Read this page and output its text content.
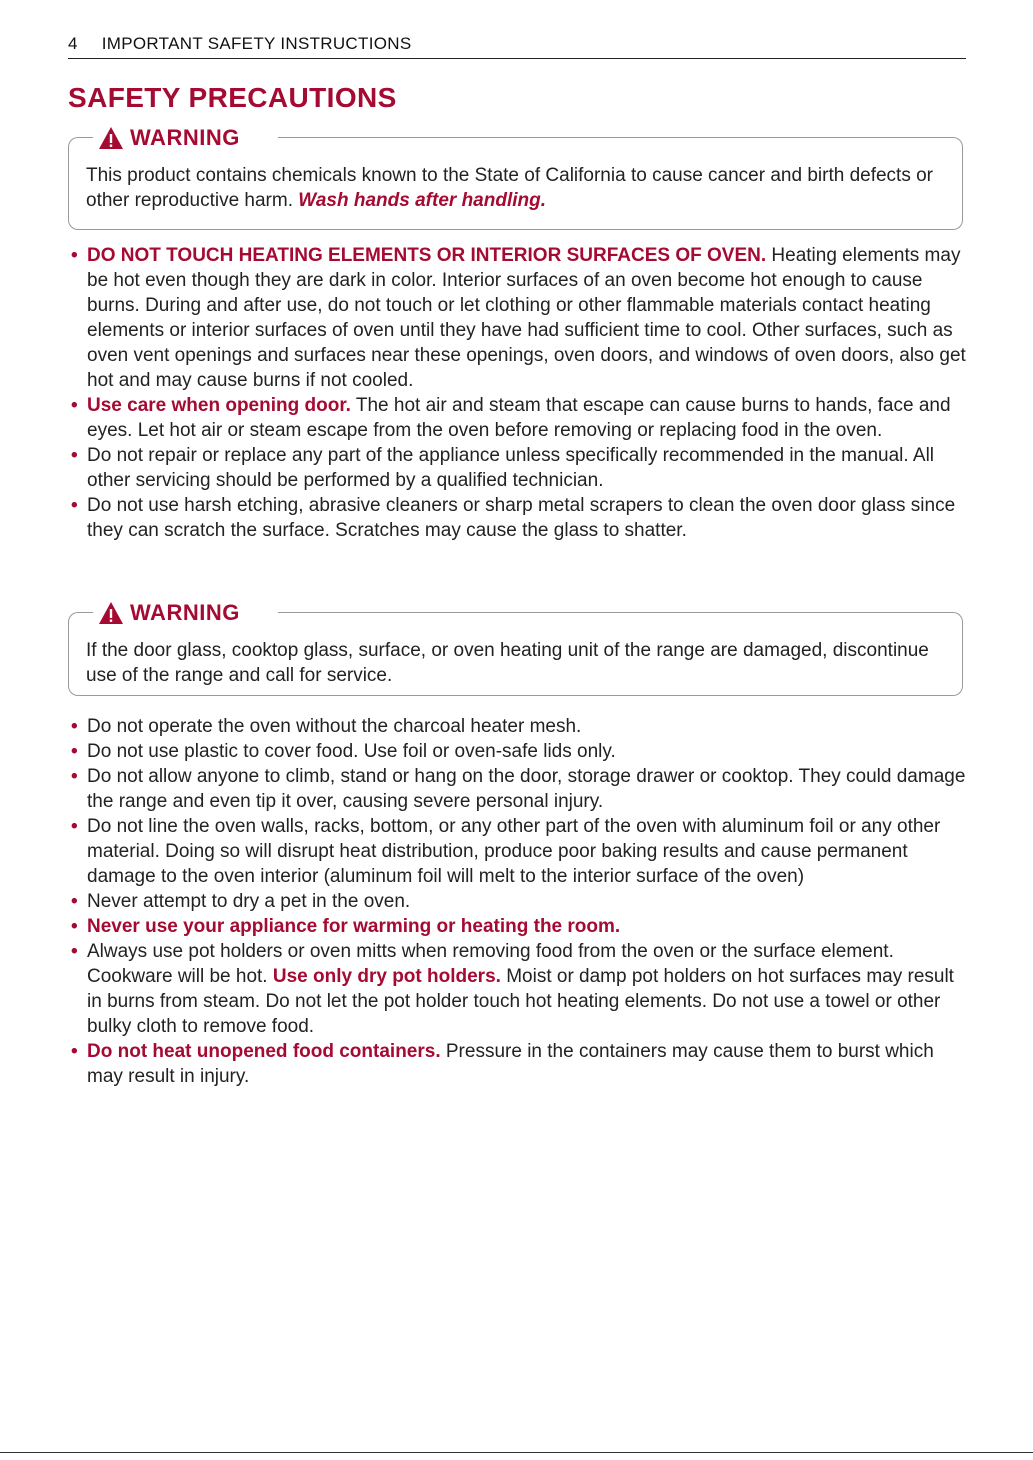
4 IMPORTANT SAFETY INSTRUCTIONS
SAFETY PRECAUTIONS
WARNING
This product contains chemicals known to the State of California to cause cancer and birth defects or other reproductive harm. Wash hands after handling.
• DO NOT TOUCH HEATING ELEMENTS OR INTERIOR SURFACES OF OVEN. Heating elements may be hot even though they are dark in color. Interior surfaces of an oven become hot enough to cause burns. During and after use, do not touch or let clothing or other flammable materials contact heating elements or interior surfaces of oven until they have had sufficient time to cool. Other surfaces, such as oven vent openings and surfaces near these openings, oven doors, and windows of oven doors, also get hot and may cause burns if not cooled.
• Use care when opening door. The hot air and steam that escape can cause burns to hands, face and eyes. Let hot air or steam escape from the oven before removing or replacing food in the oven.
• Do not repair or replace any part of the appliance unless specifically recommended in the manual. All other servicing should be performed by a qualified technician.
• Do not use harsh etching, abrasive cleaners or sharp metal scrapers to clean the oven door glass since they can scratch the surface. Scratches may cause the glass to shatter.
WARNING
If the door glass, cooktop glass, surface, or oven heating unit of the range are damaged, discontinue use of the range and call for service.
• Do not operate the oven without the charcoal heater mesh.
• Do not use plastic to cover food. Use foil or oven-safe lids only.
• Do not allow anyone to climb, stand or hang on the door, storage drawer or cooktop. They could damage the range and even tip it over, causing severe personal injury.
• Do not line the oven walls, racks, bottom, or any other part of the oven with aluminum foil or any other material. Doing so will disrupt heat distribution, produce poor baking results and cause permanent damage to the oven interior (aluminum foil will melt to the interior surface of the oven)
• Never attempt to dry a pet in the oven.
• Never use your appliance for warming or heating the room.
• Always use pot holders or oven mitts when removing food from the oven or the surface element. Cookware will be hot. Use only dry pot holders. Moist or damp pot holders on hot surfaces may result in burns from steam. Do not let the pot holder touch hot heating elements. Do not use a towel or other bulky cloth to remove food.
• Do not heat unopened food containers. Pressure in the containers may cause them to burst which may result in injury.
